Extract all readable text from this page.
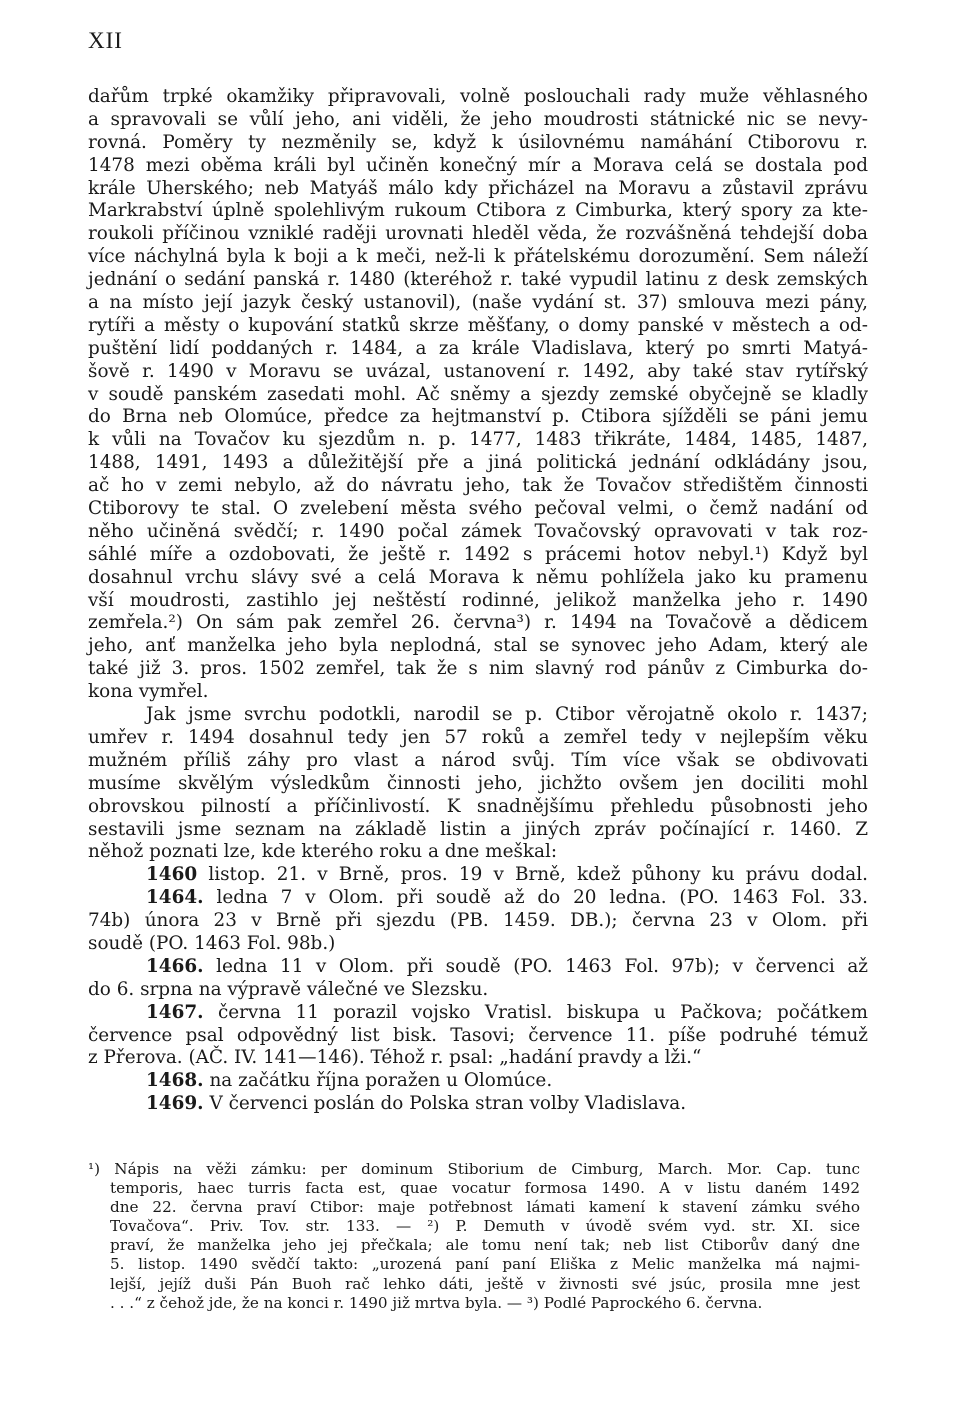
XII
dařům trpké okamžiky připravovali, volně poslouchali rady muže věhlasného
a spravovali se vůlí jeho, ani viděli, že jeho moudrosti státnické nic se nevy-
rovná. Poměry ty nezměnily se, když k úsilovnému namáhání Ctiborovu r.
1478 mezi oběma králi byl učiněn konečný mír a Morava celá se dostala pod
krále Uherského; neb Matyáš málo kdy přicházel na Moravu a zůstavil zprávu
Markrabství úplně spolehlivým rukoum Ctibora z Cimburka, který spory za kte-
roukoli příčinou vzniklé raději urovnati hleděl věda, že rozvášněná tehdejší doba
více náchylná byla k boji a k meči, než-li k přátelskému dorozumění. Sem náleží
jednání o sedání panská r. 1480 (kteréhož r. také vypudil latinu z desk zemských
a na místo její jazyk český ustanovil), (naše vydání st. 37) smlouva mezi pány,
rytíři a městy o kupování statků skrze měšťany, o domy panské v městech a od-
puštění lidí poddaných r. 1484, a za krále Vladislava, který po smrti Matyá-
šově r. 1490 v Moravu se uvázal, ustanovení r. 1492, aby také stav rytířský
v soudě panském zasedati mohl. Ač sněmy a sjezdy zemské obyčejně se kladly
do Brna neb Olomúce, předce za hejtmanství p. Ctibora sjížděli se páni jemu
k vůli na Tovačov ku sjezdům n. p. 1477, 1483 třikráte, 1484, 1485, 1487,
1488, 1491, 1493 a důležitější pře a jiná politická jednání odkládány jsou,
ač ho v zemi nebylo, až do návratu jeho, tak že Tovačov středištěm činnosti
Ctiborovy te stal. O zvelebení města svého pečoval velmi, o čemž nadání od
něho učiněná svědčí; r. 1490 počal zámek Tovačovský opravovati v tak roz-
sáhlé míře a ozdobovati, že ještě r. 1492 s prácemi hotov nebyl.¹) Když byl
dosahnul vrchu slávy své a celá Morava k němu pohlížela jako ku pramenu
vší moudrosti, zastihlo jej neštěstí rodinné, jelikož manželka jeho r. 1490
zemřela.²) On sám pak zemřel 26. června³) r. 1494 na Tovačově a dědicem
jeho, anť manželka jeho byla neplodná, stal se synovec jeho Adam, který ale
také již 3. pros. 1502 zemřel, tak že s nim slavný rod pánův z Cimburka do-
kona vymřel.
Jak jsme svrchu podotkli, narodil se p. Ctibor věrojatně okolo r. 1437;
umřev r. 1494 dosahnul tedy jen 57 roků a zemřel tedy v nejlepším věku
mužném příliš záhy pro vlast a národ svůj. Tím více však se obdivovati
musíme skvělým výsledkům činnosti jeho, jichžto ovšem jen dociliti mohl
obrovskou pilností a příčinlivostí. K snadnějšímu přehledu působnosti jeho
sestavili jsme seznam na základě listin a jiných zpráv počínající r. 1460. Z
něhož poznati lze, kde kterého roku a dne meškal:
1460 listop. 21. v Brně, pros. 19 v Brně, kdež půhony ku právu dodal.
1464. ledna 7 v Olom. při soudě až do 20 ledna. (PO. 1463 Fol. 33.
74b) února 23 v Brně při sjezdu (PB. 1459. DB.); června 23 v Olom. při
soudě (PO. 1463 Fol. 98b.)
1466. ledna 11 v Olom. při soudě (PO. 1463 Fol. 97b); v červenci až
do 6. srpna na výpravě válečné ve Slezsku.
1467. června 11 porazil vojsko Vratisl. biskupa u Pačkova; počátkem
července psal odpovědný list bisk. Tasovi; července 11. píše podruhé témuž
z Přerova. (AČ. IV. 141—146). Téhož r. psal: „hadání pravdy a lži.“
1468. na začátku října poražen u Olomúce.
1469. V červenci poslán do Polska stran volby Vladislava.
¹) Nápis na věži zámku: per dominum Stiborium de Cimburg, March. Mor. Cap. tunc
temporis, haec turris facta est, quae vocatur formosa 1490. A v listu daném 1492
dne 22. června praví Ctibor: maje potřebnost lámati kamení k stavení zámku svého
Tovačova“. Priv. Tov. str. 133. — ²) P. Demuth v úvodě svém vyd. str. XI. sice
praví, že manželka jeho jej přečkala; ale tomu není tak; neb list Ctiborův daný dne
5. listop. 1490 svědčí takto: „urozená paní paní Eliška z Melic manželka má najmi-
lejší, jejíž duši Pán Buoh rač lehko dáti, ještě v živnosti své jsúc, prosila mne jest
. . .“ z čehož jde, že na konci r. 1490 již mrtva byla. — ³) Podlé Paprockého 6. června.
